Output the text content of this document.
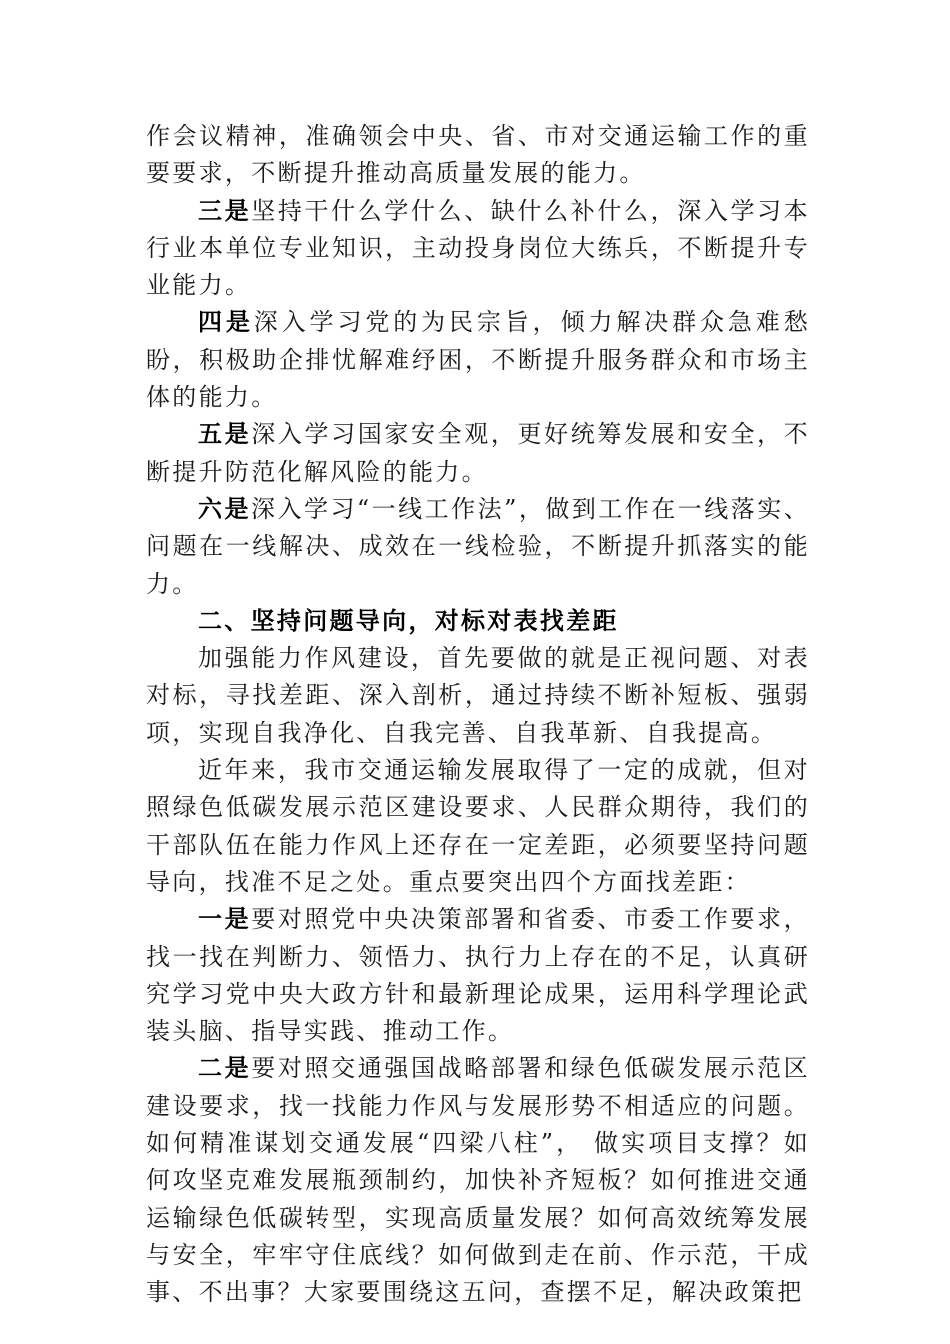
作会议精神，准确领会中央、省、市对交通运输工作的重要要求，不断提升推动高质量发展的能力。

三是坚持干什么学什么、缺什么补什么，深入学习本行业本单位专业知识，主动投身岗位大练兵，不断提升专业能力。

四是深入学习党的为民宗旨，倾力解决群众急难愁盼，积极助企排忧解难纾困，不断提升服务群众和市场主体的能力。

五是深入学习国家安全观，更好统筹发展和安全，不断提升防范化解风险的能力。

六是深入学习“一线工作法”，做到工作在一线落实、问题在一线解决、成效在一线检验，不断提升抓落实的能力。

二、坚持问题导向，对标对表找差距

加强能力作风建设，首先要做的就是正视问题、对表对标，寻找差距、深入剖析，通过持续不断补短板、强弱项，实现自我净化、自我完善、自我革新、自我提高。

近年来，我市交通运输发展取得了一定的成就，但对照绿色低碳发展示范区建设要求、人民群众期待，我们的干部队伍在能力作风上还存在一定差距，必须要坚持问题导向，找准不足之处。重点要突出四个方面找差距：

一是要对照党中央决策部署和省委、市委工作要求，找一找在判断力、领悟力、执行力上存在的不足，认真研究学习党中央大政方针和最新理论成果，运用科学理论武装头脑、指导实践、推动工作。

二是要对照交通强国战略部署和绿色低碳发展示范区建设要求，找一找能力作风与发展形势不相适应的问题。如何精准谋划交通发展“四梁八柱”， 做实项目支撑？如何攻坚克难发展瓶颈制约，加快补齐短板？如何推进交通运输绿色低碳转型，实现高质量发展？如何高效统筹发展与安全，牢牢守住底线？如何做到走在前、作示范，干成事、不出事？大家要围绕这五问，查摆不足，解决政策把
